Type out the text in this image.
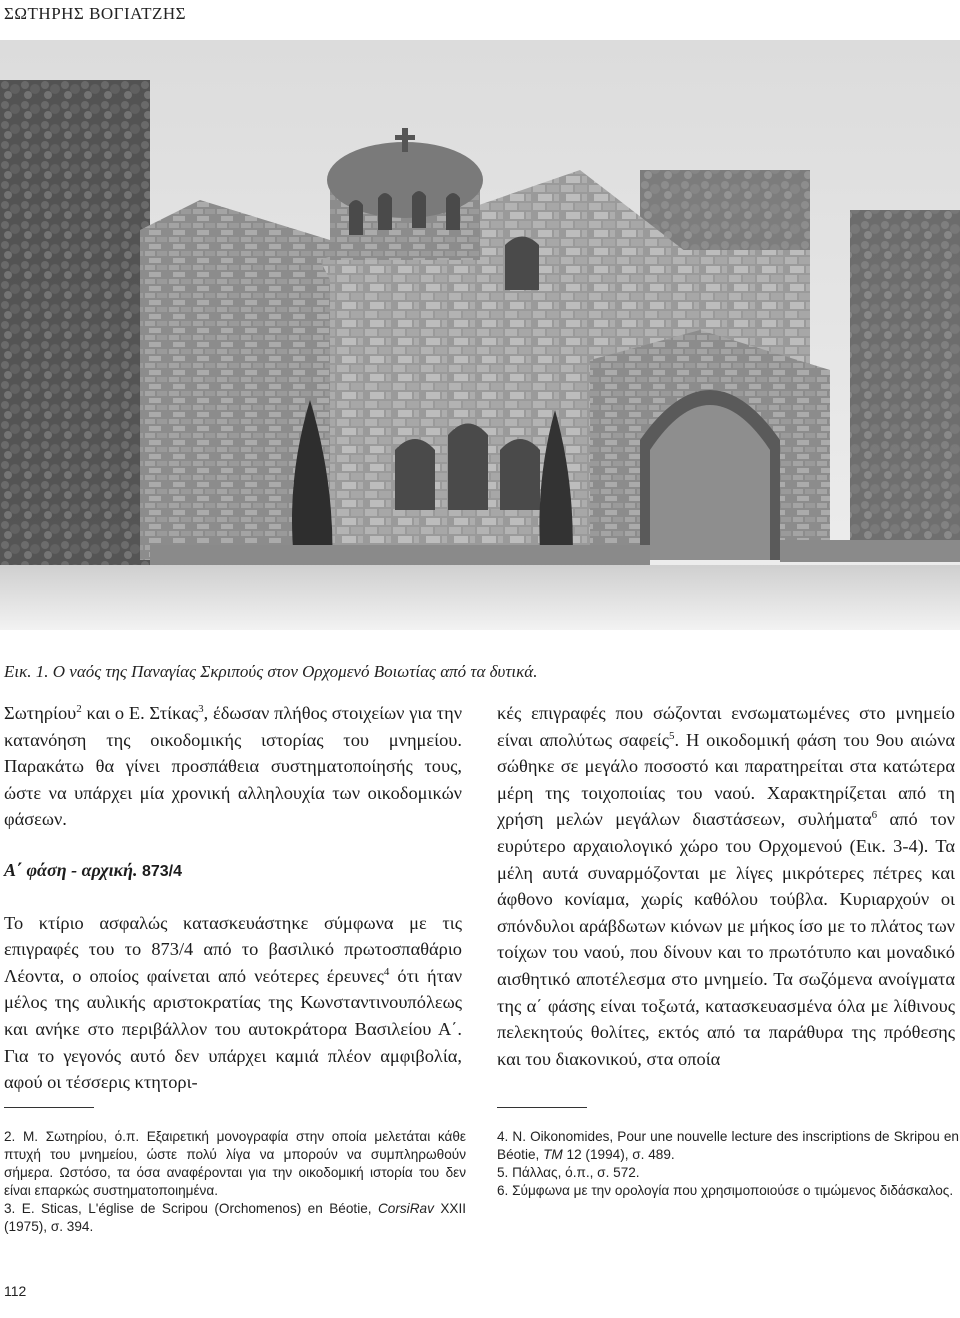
ΣΩΤΗΡΗΣ ΒΟΓΙΑΤΖΗΣ
Εικ. 1. Ο ναός της Παναγίας Σκριπούς στον Ορχομενό Βοιωτίας από τα δυτικά.

Σωτηρίου$^2$ και ο Ε. Στίκας$^3$, έδωσαν πλήθος στοιχείων για την κατανόηση της οικοδομικής ιστορίας του μνημείου. Παρακάτω θα γίνει προσπάθεια συστηματοποίησής τους, ώστε να υπάρχει μία χρονική αλληλουχία των οικοδομικών φάσεων.

Α΄ φάση - αρχική. 873/4

Το κτίριο ασφαλώς κατασκευάστηκε σύμφωνα με τις επιγραφές του το 873/4 από το βασιλικό πρωτοσπαθάριο Λέοντα, ο οποίος φαίνεται από νεότερες έρευνες$^4$ ότι ήταν μέλος της αυλικής αριστοκρατίας της Κωνσταντινουπόλεως και ανήκε στο περιβάλλον του αυτοκράτορα Βασιλείου Α΄. Για το γεγονός αυτό δεν υπάρχει καμιά πλέον αμφιβολία, αφού οι τέσσερις κτητορι-

κές επιγραφές που σώζονται ενσωματωμένες στο μνημείο είναι απολύτως σαφείς$^5$. Η οικοδομική φάση του 9ου αιώνα σώθηκε σε μεγάλο ποσοστό και παρατηρείται στα κατώτερα μέρη της τοιχοποιίας του ναού. Χαρακτηρίζεται από τη χρήση μελών μεγάλων διαστάσεων, συλήματα$^6$ από τον ευρύτερο αρχαιολογικό χώρο του Ορχομενού (Εικ. 3-4). Τα μέλη αυτά συναρμόζονται με λίγες μικρότερες πέτρες και άφθονο κονίαμα, χωρίς καθόλου τούβλα. Κυριαρχούν οι σπόνδυλοι αράβδωτων κιόνων με μήκος ίσο με το πλάτος των τοίχων του ναού, που δίνουν και το πρωτότυπο και μοναδικό αισθητικό αποτέλεσμα στο μνημείο. Τα σωζόμενα ανοίγματα της α΄ φάσης είναι τοξωτά, κατασκευασμένα όλα με λίθινους πελεκητούς θολίτες, εκτός από τα παράθυρα της πρόθεσης και του διακονικού, στα οποία

2. Μ. Σωτηρίου, ό.π. Εξαιρετική μονογραφία στην οποία μελετάται κάθε πτυχή του μνημείου, ώστε πολύ λίγα να μπορούν να συμπληρωθούν σήμερα. Ωστόσο, τα όσα αναφέρονται για την οικοδομική ιστορία του δεν είναι επαρκώς συστηματοποιημένα.

3. Ε. Sticas, L'église de Scripou (Orchomenos) en Béotie, CorsiRav XXII (1975), σ. 394.

4. N. Oikonomides, Pour une nouvelle lecture des inscriptions de Skripou en Béotie, TM 12 (1994), σ. 489.

5. Πάλλας, ό.π., σ. 572.

6. Σύμφωνα με την ορολογία που χρησιμοποιούσε ο τιμώμενος διδάσκαλος.

112
